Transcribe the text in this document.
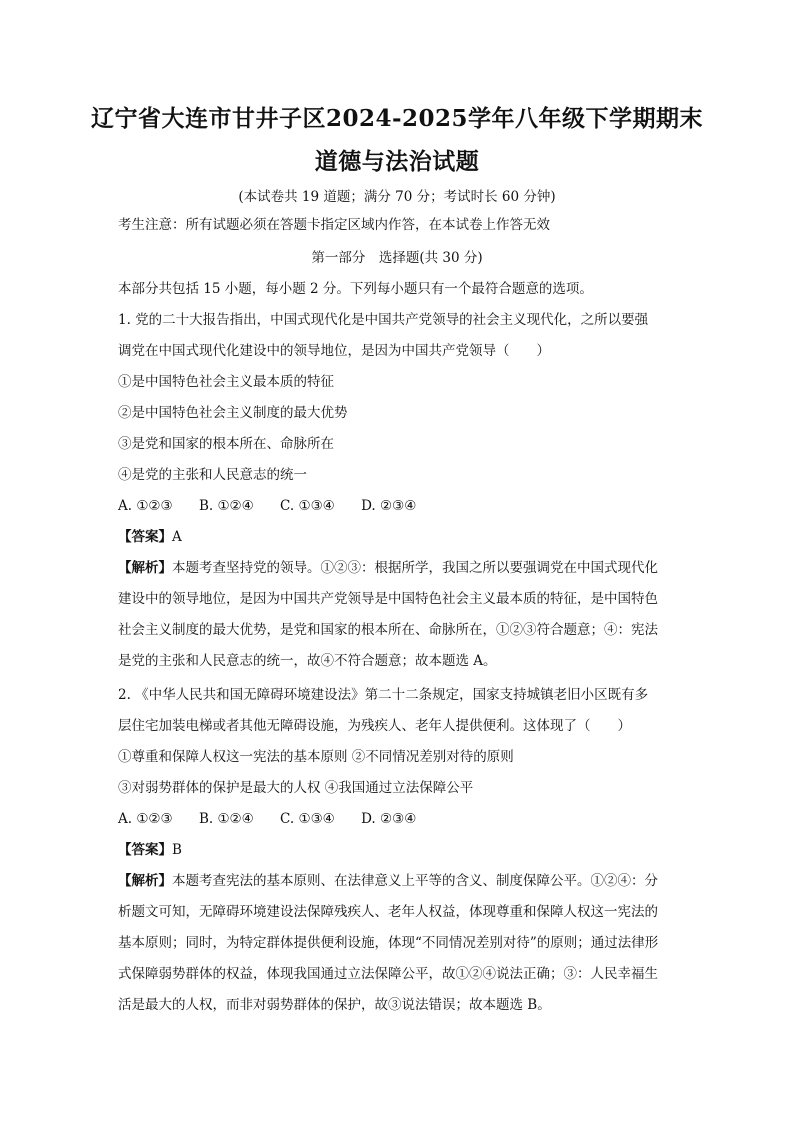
辽宁省大连市甘井子区2024-2025学年八年级下学期期末
道德与法治试题
(本试卷共 19 道题；满分 70 分；考试时长 60 分钟)
考生注意：所有试题必须在答题卡指定区域内作答，在本试卷上作答无效
第一部分　选择题(共 30 分)
本部分共包括 15 小题，每小题 2 分。下列每小题只有一个最符合题意的选项。
1. 党的二十大报告指出，中国式现代化是中国共产党领导的社会主义现代化，之所以要强
调党在中国式现代化建设中的领导地位，是因为中国共产党领导（　　）
①是中国特色社会主义最本质的特征
②是中国特色社会主义制度的最大优势
③是党和国家的根本所在、命脉所在
④是党的主张和人民意志的统一
A. ①②③ B. ①②④ C. ①③④ D. ②③④
【答案】A
【解析】本题考查坚持党的领导。①②③：根据所学，我国之所以要强调党在中国式现代化
建设中的领导地位，是因为中国共产党领导是中国特色社会主义最本质的特征，是中国特色
社会主义制度的最大优势，是党和国家的根本所在、命脉所在，①②③符合题意；④：宪法
是党的主张和人民意志的统一，故④不符合题意；故本题选 A。
2. 《中华人民共和国无障碍环境建设法》第二十二条规定，国家支持城镇老旧小区既有多
层住宅加装电梯或者其他无障碍设施，为残疾人、老年人提供便利。这体现了（　　）
①尊重和保障人权这一宪法的基本原则 ②不同情况差别对待的原则
③对弱势群体的保护是最大的人权 ④我国通过立法保障公平
A. ①②③ B. ①②④ C. ①③④ D. ②③④
【答案】B
【解析】本题考查宪法的基本原则、在法律意义上平等的含义、制度保障公平。①②④：分
析题文可知，无障碍环境建设法保障残疾人、老年人权益，体现尊重和保障人权这一宪法的
基本原则；同时，为特定群体提供便利设施，体现“不同情况差别对待”的原则；通过法律形
式保障弱势群体的权益，体现我国通过立法保障公平，故①②④说法正确；③：人民幸福生
活是最大的人权，而非对弱势群体的保护，故③说法错误；故本题选 B。
